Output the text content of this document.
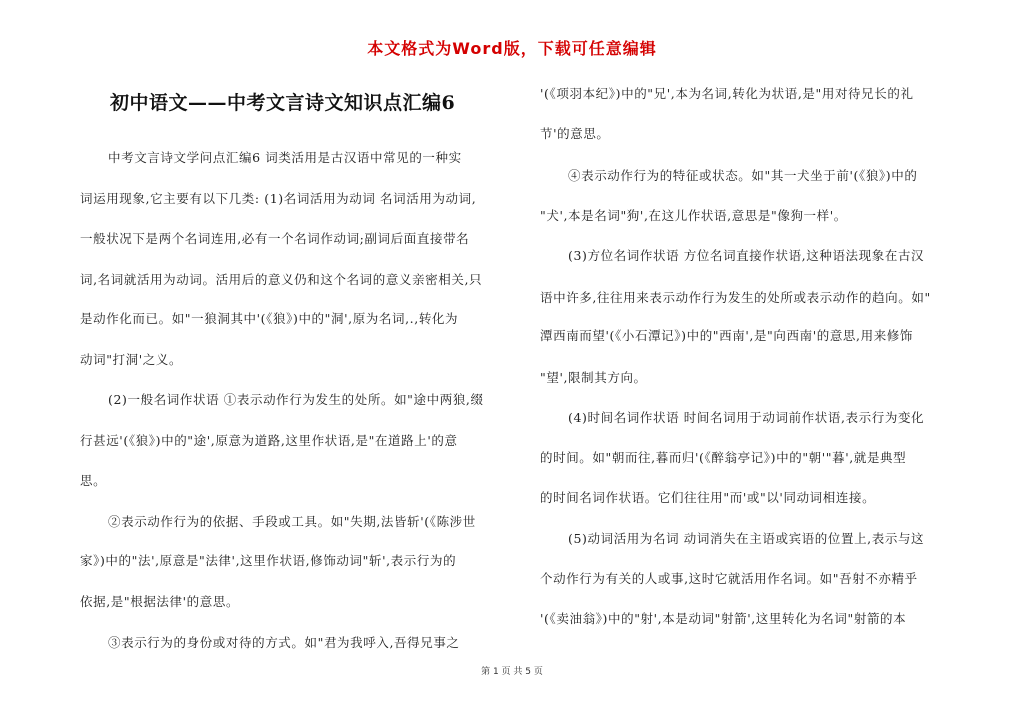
本文格式为Word版，下载可任意编辑
初中语文——中考文言诗文知识点汇编6
中考文言诗文学问点汇编6 词类活用是古汉语中常见的一种实
词运用现象,它主要有以下几类: (1)名词活用为动词 名词活用为动词,
一般状况下是两个名词连用,必有一个名词作动词;副词后面直接带名
词,名词就活用为动词。活用后的意义仍和这个名词的意义亲密相关,只
是动作化而已。如"一狼洞其中'(《狼》)中的"洞',原为名词,.,转化为
动词"打洞'之义。
(2)一般名词作状语 ①表示动作行为发生的处所。如"途中两狼,缀
行甚远'(《狼》)中的"途',原意为道路,这里作状语,是"在道路上'的意
思。
②表示动作行为的依据、手段或工具。如"失期,法皆斩'(《陈涉世
家》)中的"法',原意是"法律',这里作状语,修饰动词"斩',表示行为的
依据,是"根据法律'的意思。
③表示行为的身份或对待的方式。如"君为我呼入,吾得兄事之
'(《项羽本纪》)中的"兄',本为名词,转化为状语,是"用对待兄长的礼
节'的意思。
④表示动作行为的特征或状态。如"其一犬坐于前'(《狼》)中的
"犬',本是名词"狗',在这儿作状语,意思是"像狗一样'。
(3)方位名词作状语 方位名词直接作状语,这种语法现象在古汉
语中许多,往往用来表示动作行为发生的处所或表示动作的趋向。如"
潭西南而望'(《小石潭记》)中的"西南',是"向西南'的意思,用来修饰
"望',限制其方向。
(4)时间名词作状语 时间名词用于动词前作状语,表示行为变化
的时间。如"朝而往,暮而归'(《醉翁亭记》)中的"朝'"暮',就是典型
的时间名词作状语。它们往往用"而'或"以'同动词相连接。
(5)动词活用为名词 动词消失在主语或宾语的位置上,表示与这
个动作行为有关的人或事,这时它就活用作名词。如"吾射不亦精乎
'(《卖油翁》)中的"射',本是动词"射箭',这里转化为名词"射箭的本
第 1 页 共 5 页
